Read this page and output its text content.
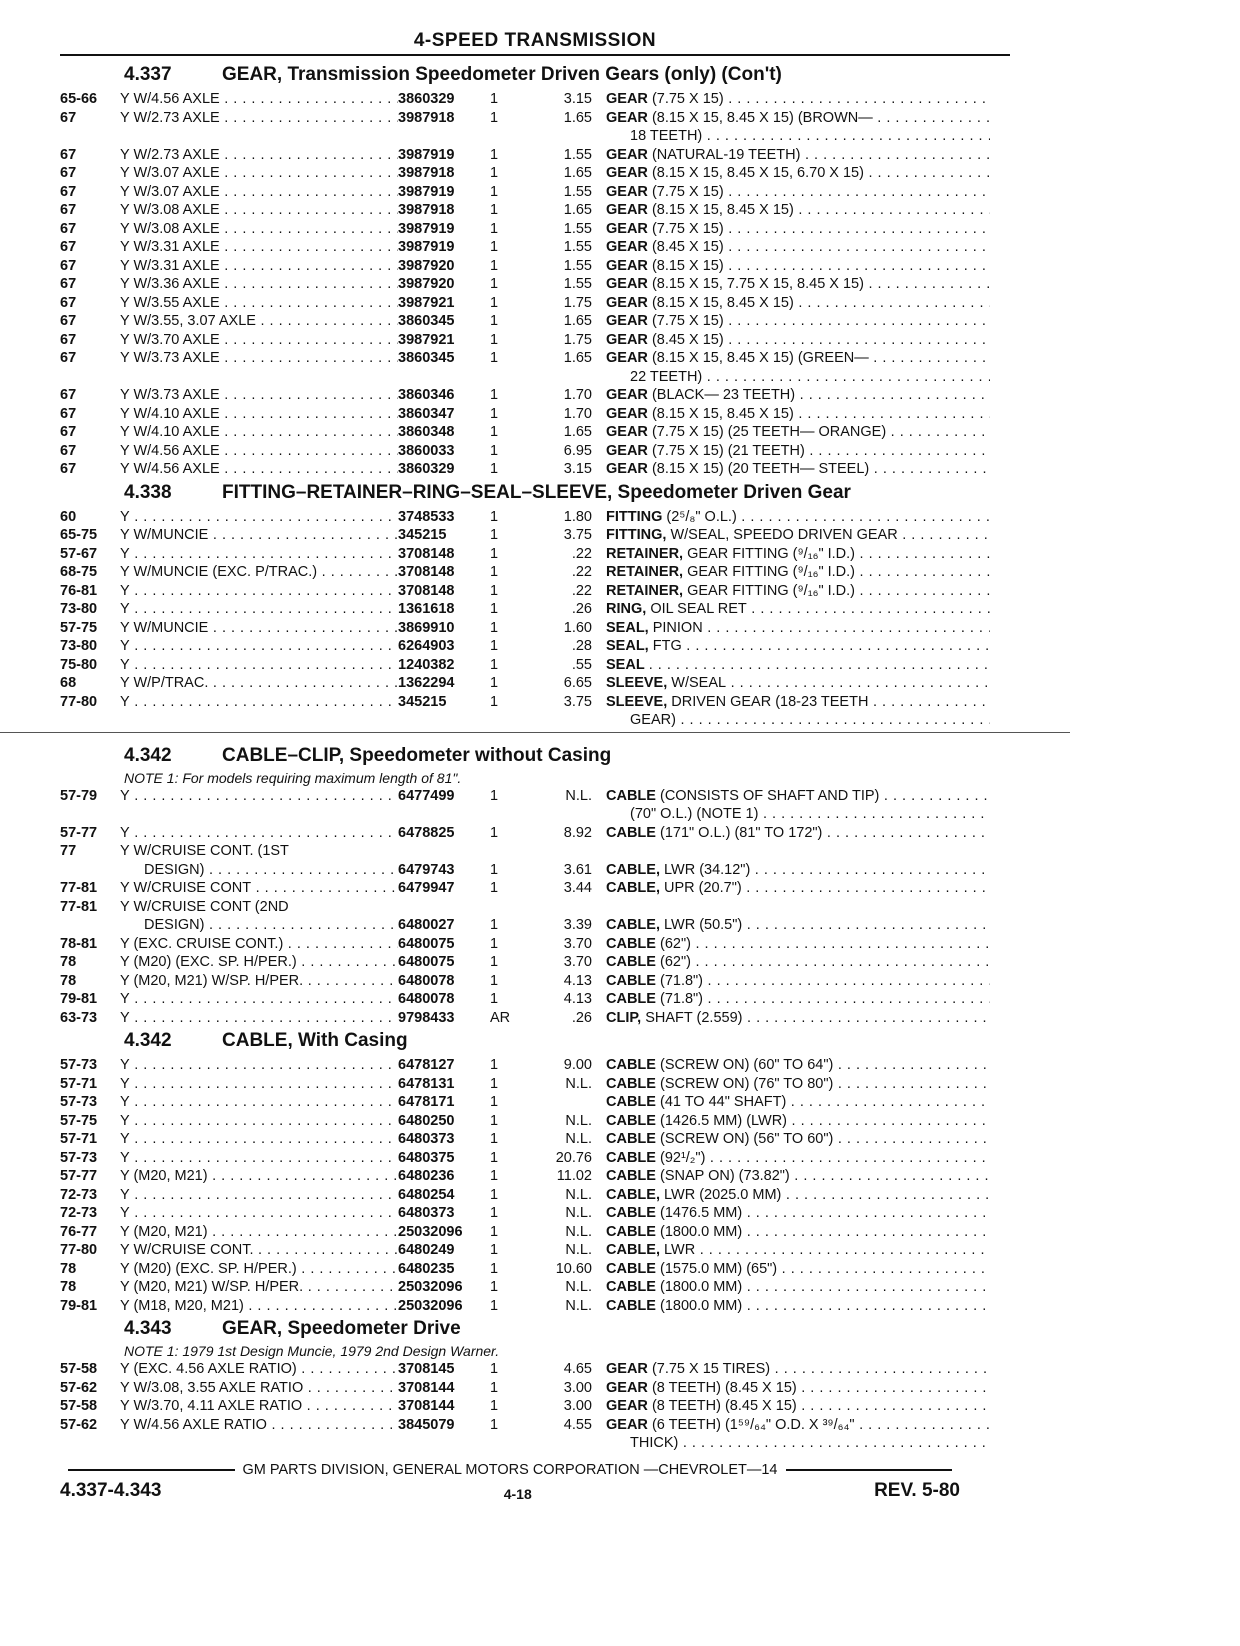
4-SPEED TRANSMISSION
4.337	GEAR, Transmission Speedometer Driven Gears (only) (Con't)
65-66	Y W/4.56 AXLE . . .	3860329	1	3.15 GEAR (7.75 X 15) . . .
67	Y W/2.73 AXLE . . .	3987918	1	1.65 GEAR (8.15 X 15, 8.45 X 15) (BROWN— . . .
18 TEETH) . . .
67	Y W/2.73 AXLE . . .	3987919	1	1.55 GEAR (NATURAL-19 TEETH) . . .
67	Y W/3.07 AXLE . . .	3987918	1	1.65 GEAR (8.15 X 15, 8.45 X 15, 6.70 X 15) . . .
67	Y W/3.07 AXLE . . .	3987919	1	1.55 GEAR (7.75 X 15) . . .
67	Y W/3.08 AXLE . . .	3987918	1	1.65 GEAR (8.15 X 15, 8.45 X 15) . . .
67	Y W/3.08 AXLE . . .	3987919	1	1.55 GEAR (7.75 X 15) . . .
67	Y W/3.31 AXLE . . .	3987919	1	1.55 GEAR (8.45 X 15) . . .
67	Y W/3.31 AXLE . . .	3987920	1	1.55 GEAR (8.15 X 15) . . .
67	Y W/3.36 AXLE . . .	3987920	1	1.55 GEAR (8.15 X 15, 7.75 X 15, 8.45 X 15) . . .
67	Y W/3.55 AXLE . . .	3987921	1	1.75 GEAR (8.15 X 15, 8.45 X 15) . . .
67	Y W/3.55, 3.07 AXLE . . .	3860345	1	1.65 GEAR (7.75 X 15) . . .
67	Y W/3.70 AXLE . . .	3987921	1	1.75 GEAR (8.45 X 15) . . .
67	Y W/3.73 AXLE . . .	3860345	1	1.65 GEAR (8.15 X 15, 8.45 X 15) (GREEN— . . .
22 TEETH) . . .
67	Y W/3.73 AXLE . . .	3860346	1	1.70 GEAR (BLACK— 23 TEETH) . . .
67	Y W/4.10 AXLE . . .	3860347	1	1.70 GEAR (8.15 X 15, 8.45 X 15) . . .
67	Y W/4.10 AXLE . . .	3860348	1	1.65 GEAR (7.75 X 15) (25 TEETH— ORANGE) . . .
67	Y W/4.56 AXLE . . .	3860033	1	6.95 GEAR (7.75 X 15) (21 TEETH) . . .
67	Y W/4.56 AXLE . . .	3860329	1	3.15 GEAR (8.15 X 15) (20 TEETH— STEEL) . . .
4.338	FITTING–RETAINER–RING–SEAL–SLEEVE, Speedometer Driven Gear
60	Y . . .	3748533	1	1.80 FITTING (2⁵/₈" O.L.) . . .
65-75	Y W/MUNCIE . . .	345215	1	3.75 FITTING, W/SEAL, SPEEDO DRIVEN GEAR . . .
57-67	Y . . .	3708148	1	.22 RETAINER, GEAR FITTING (⁹/₁₆" I.D.) . . .
68-75	Y W/MUNCIE (EXC. P/TRAC.) . . .	3708148	1	.22 RETAINER, GEAR FITTING (⁹/₁₆" I.D.) . . .
76-81	Y . . .	3708148	1	.22 RETAINER, GEAR FITTING (⁹/₁₆" I.D.) . . .
73-80	Y . . .	1361618	1	.26 RING, OIL SEAL RET . . .
57-75	Y W/MUNCIE . . .	3869910	1	1.60 SEAL, PINION . . .
73-80	Y . . .	6264903	1	.28 SEAL, FTG . . .
75-80	Y . . .	1240382	1	.55 SEAL . . .
68	Y W/P/TRAC. . . .	1362294	1	6.65 SLEEVE, W/SEAL . . .
77-80	Y . . .	345215	1	3.75 SLEEVE, DRIVEN GEAR (18-23 TEETH . . .
GEAR) . . .
4.342	CABLE–CLIP, Speedometer without Casing
NOTE 1: For models requiring maximum length of 81".
57-79	Y . . .	6477499	1	N.L. CABLE (CONSISTS OF SHAFT AND TIP) . . .
(70" O.L.) (NOTE 1) . . .
57-77	Y . . .	6478825	1	8.92 CABLE (171" O.L.) (81" TO 172") . . .
77	Y W/CRUISE CONT. (1ST
DESIGN) . . .	6479743	1	3.61 CABLE, LWR (34.12") . . .
77-81	Y W/CRUISE CONT . . .	6479947	1	3.44 CABLE, UPR (20.7") . . .
77-81	Y W/CRUISE CONT (2ND
DESIGN) . . .	6480027	1	3.39 CABLE, LWR (50.5") . . .
78-81	Y (EXC. CRUISE CONT.) . . .	6480075	1	3.70 CABLE (62") . . .
78	Y (M20) (EXC. SP. H/PER.) . . .	6480075	1	3.70 CABLE (62") . . .
78	Y (M20, M21) W/SP. H/PER. . . .	6480078	1	4.13 CABLE (71.8") . . .
79-81	Y . . .	6480078	1	4.13 CABLE (71.8") . . .
63-73	Y . . .	9798433	AR	.26 CLIP, SHAFT (2.559) . . .
4.342	CABLE, With Casing
57-73	Y . . .	6478127	1	9.00 CABLE (SCREW ON) (60" TO 64") . . .
57-71	Y . . .	6478131	1	N.L. CABLE (SCREW ON) (76" TO 80") . . .
57-73	Y . . .	6478171	1	CABLE (41 TO 44" SHAFT) . . .
57-75	Y . . .	6480250	1	N.L. CABLE (1426.5 MM) (LWR) . . .
57-71	Y . . .	6480373	1	N.L. CABLE (SCREW ON) (56" TO 60") . . .
57-73	Y . . .	6480375	1	20.76 CABLE (92¹/₂") . . .
57-77	Y (M20, M21) . . .	6480236	1	11.02 CABLE (SNAP ON) (73.82") . . .
72-73	Y . . .	6480254	1	N.L. CABLE, LWR (2025.0 MM) . . .
72-73	Y . . .	6480373	1	N.L. CABLE (1476.5 MM) . . .
76-77	Y (M20, M21) . . .	25032096	1	N.L. CABLE (1800.0 MM) . . .
77-80	Y W/CRUISE CONT. . . .	6480249	1	N.L. CABLE, LWR . . .
78	Y (M20) (EXC. SP. H/PER.) . . .	6480235	1	10.60 CABLE (1575.0 MM) (65") . . .
78	Y (M20, M21) W/SP. H/PER. . . .	25032096	1	N.L. CABLE (1800.0 MM) . . .
79-81	Y (M18, M20, M21) . . .	25032096	1	N.L. CABLE (1800.0 MM) . . .
4.343	GEAR, Speedometer Drive
NOTE 1: 1979 1st Design Muncie, 1979 2nd Design Warner.
57-58	Y (EXC. 4.56 AXLE RATIO) . . .	3708145	1	4.65 GEAR (7.75 X 15 TIRES) . . .
57-62	Y W/3.08, 3.55 AXLE RATIO . . .	3708144	1	3.00 GEAR (8 TEETH) (8.45 X 15) . . .
57-58	Y W/3.70, 4.11 AXLE RATIO . . .	3708144	1	3.00 GEAR (8 TEETH) (8.45 X 15) . . .
57-62	Y W/4.56 AXLE RATIO . . .	3845079	1	4.55 GEAR (6 TEETH) (1⁵⁹/₆₄" O.D. X ³⁹/₆₄" . . .
THICK) . . .
GM PARTS DIVISION, GENERAL MOTORS CORPORATION —CHEVROLET—14
4.337-4.343	4-18	REV. 5-80
